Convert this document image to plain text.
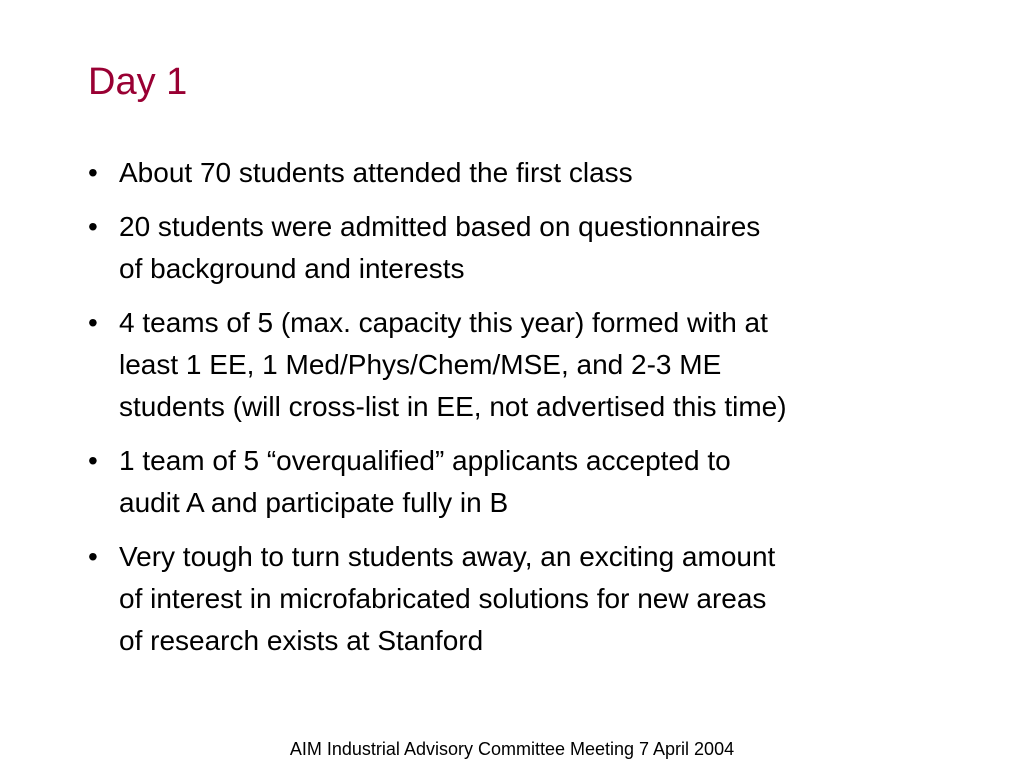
Day 1
• About 70 students attended the first class
• 20 students were admitted based on questionnaires
of background and interests
• 4 teams of 5 (max. capacity this year) formed with at
least 1 EE, 1 Med/Phys/Chem/MSE, and 2-3 ME
students (will cross-list in EE, not advertised this time)
• 1 team of 5 “overqualified” applicants accepted to
audit A and participate fully in B
• Very tough to turn students away, an exciting amount
of interest in microfabricated solutions for new areas
of research exists at Stanford
AIM Industrial Advisory Committee Meeting 7 April 2004
